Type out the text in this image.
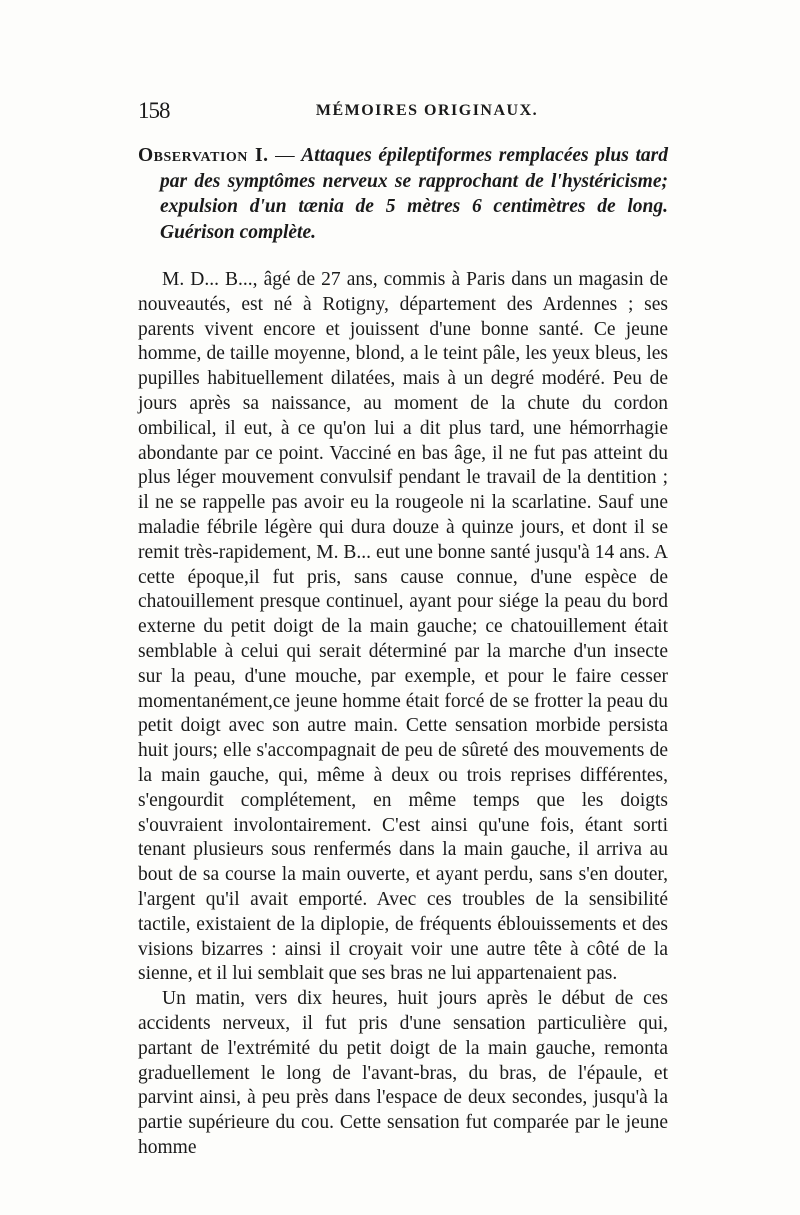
158	MÉMOIRES ORIGINAUX.

Observation I. — Attaques épileptiformes remplacées plus tard par des symptômes nerveux se rapprochant de l'hystéricisme; expulsion d'un tænia de 5 mètres 6 centimètres de long. Guérison complète.

M. D... B..., âgé de 27 ans, commis à Paris dans un magasin de nouveautés, est né à Rotigny, département des Ardennes ; ses parents vivent encore et jouissent d'une bonne santé. Ce jeune homme, de taille moyenne, blond, a le teint pâle, les yeux bleus, les pupilles habituellement dilatées, mais à un degré modéré. Peu de jours après sa naissance, au moment de la chute du cordon ombilical, il eut, à ce qu'on lui a dit plus tard, une hémorrhagie abondante par ce point. Vacciné en bas âge, il ne fut pas atteint du plus léger mouvement convulsif pendant le travail de la dentition ; il ne se rappelle pas avoir eu la rougeole ni la scarlatine. Sauf une maladie fébrile légère qui dura douze à quinze jours, et dont il se remit très-rapidement, M. B... eut une bonne santé jusqu'à 14 ans. A cette époque,il fut pris, sans cause connue, d'une espèce de chatouillement presque continuel, ayant pour siége la peau du bord externe du petit doigt de la main gauche; ce chatouillement était semblable à celui qui serait déterminé par la marche d'un insecte sur la peau, d'une mouche, par exemple, et pour le faire cesser momentanément,ce jeune homme était forcé de se frotter la peau du petit doigt avec son autre main. Cette sensation morbide persista huit jours; elle s'accompagnait de peu de sûreté des mouvements de la main gauche, qui, même à deux ou trois reprises différentes, s'engourdit complétement, en même temps que les doigts s'ouvraient involontairement. C'est ainsi qu'une fois, étant sorti tenant plusieurs sous renfermés dans la main gauche, il arriva au bout de sa course la main ouverte, et ayant perdu, sans s'en douter, l'argent qu'il avait emporté. Avec ces troubles de la sensibilité tactile, existaient de la diplopie, de fréquents éblouissements et des visions bizarres : ainsi il croyait voir une autre tête à côté de la sienne, et il lui semblait que ses bras ne lui appartenaient pas.

Un matin, vers dix heures, huit jours après le début de ces accidents nerveux, il fut pris d'une sensation particulière qui, partant de l'extrémité du petit doigt de la main gauche, remonta graduellement le long de l'avant-bras, du bras, de l'épaule, et parvint ainsi, à peu près dans l'espace de deux secondes, jusqu'à la partie supérieure du cou. Cette sensation fut comparée par le jeune homme
